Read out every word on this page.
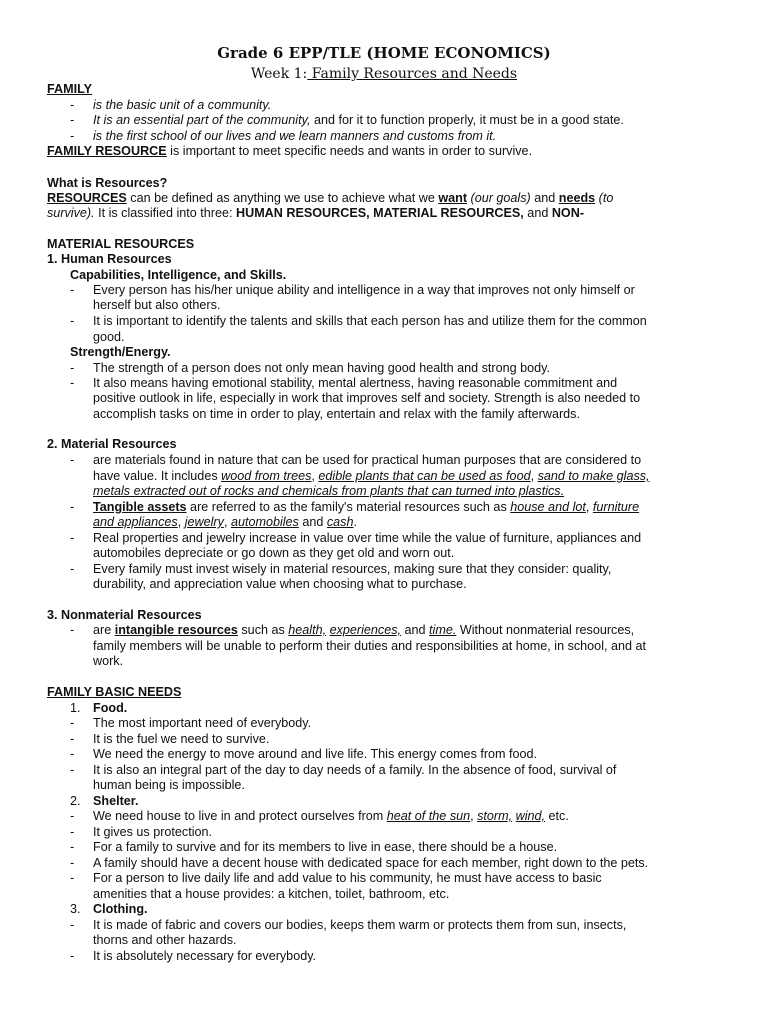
Grade 6 EPP/TLE (HOME ECONOMICS)
Week 1: Family Resources and Needs
FAMILY
- is the basic unit of a community.
- It is an essential part of the community, and for it to function properly, it must be in a good state.
- is the first school of our lives and we learn manners and customs from it.
FAMILY RESOURCE is important to meet specific needs and wants in order to survive.
What is Resources?
RESOURCES can be defined as anything we use to achieve what we want (our goals) and needs (to
survive). It is classified into three: HUMAN RESOURCES, MATERIAL RESOURCES, and NON-
MATERIAL RESOURCES
1. Human Resources
Capabilities, Intelligence, and Skills.
- Every person has his/her unique ability and intelligence in a way that improves not only himself or
herself but also others.
- It is important to identify the talents and skills that each person has and utilize them for the common
good.
Strength/Energy.
- The strength of a person does not only mean having good health and strong body.
- It also means having emotional stability, mental alertness, having reasonable commitment and
positive outlook in life, especially in work that improves self and society. Strength is also needed to
accomplish tasks on time in order to play, entertain and relax with the family afterwards.
2. Material Resources
- are materials found in nature that can be used for practical human purposes that are considered to
have value. It includes wood from trees, edible plants that can be used as food, sand to make glass,
metals extracted out of rocks and chemicals from plants that can turned into plastics.
- Tangible assets are referred to as the family's material resources such as house and lot, furniture
and appliances, jewelry, automobiles and cash.
- Real properties and jewelry increase in value over time while the value of furniture, appliances and
automobiles depreciate or go down as they get old and worn out.
- Every family must invest wisely in material resources, making sure that they consider: quality,
durability, and appreciation value when choosing what to purchase.
3. Nonmaterial Resources
- are intangible resources such as health, experiences, and time. Without nonmaterial resources,
family members will be unable to perform their duties and responsibilities at home, in school, and at
work.
FAMILY BASIC NEEDS
1. Food.
- The most important need of everybody.
- It is the fuel we need to survive.
- We need the energy to move around and live life. This energy comes from food.
- It is also an integral part of the day to day needs of a family. In the absence of food, survival of
human being is impossible.
2. Shelter.
- We need house to live in and protect ourselves from heat of the sun, storm, wind, etc.
- It gives us protection.
- For a family to survive and for its members to live in ease, there should be a house.
- A family should have a decent house with dedicated space for each member, right down to the pets.
- For a person to live daily life and add value to his community, he must have access to basic
amenities that a house provides: a kitchen, toilet, bathroom, etc.
3. Clothing.
- It is made of fabric and covers our bodies, keeps them warm or protects them from sun, insects,
thorns and other hazards.
- It is absolutely necessary for everybody.
